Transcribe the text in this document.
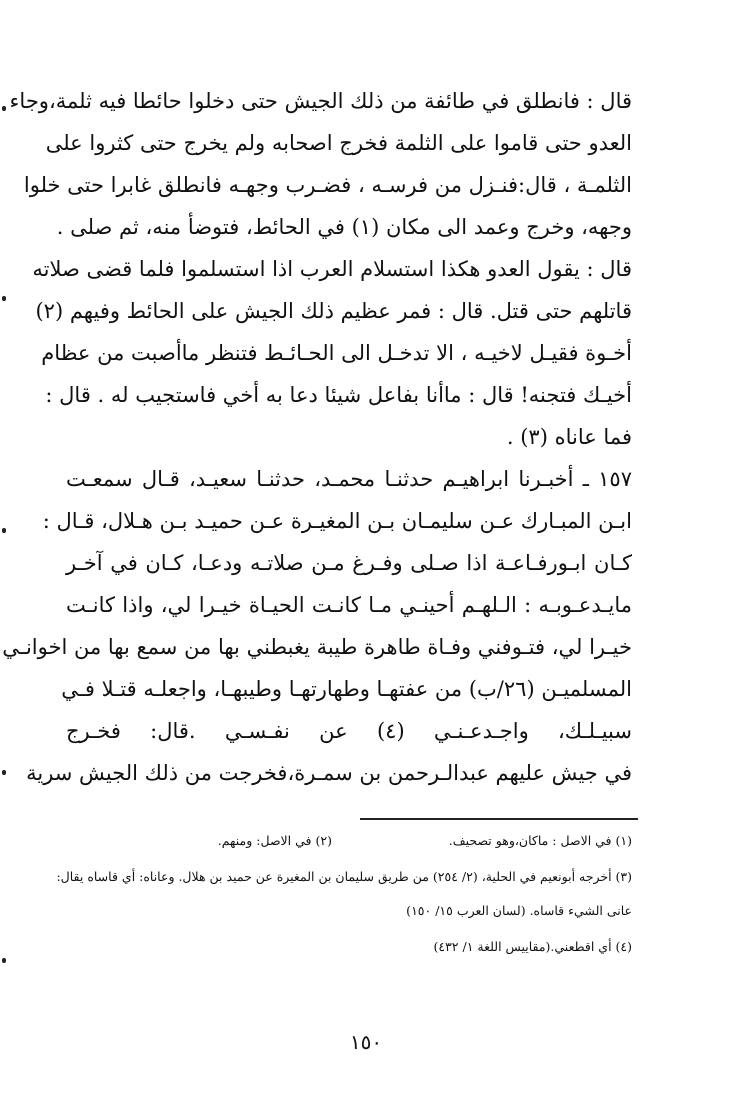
قال : فانطلق في طائفة من ذلك الجيش حتى دخلوا حائطا فيه ثلمة،وجاء
العدو حتى قاموا على الثلمة فخرج اصحابه ولم يخرج حتى كثروا على
الثلمـة ، قال:فنـزل من فرسـه ، فضـرب وجهـه فانطلق غابرا حتى خلوا
وجهه، وخرج وعمد الى مكان (١) في الحائط، فتوضأ منه، ثم صلى .
قال : يقول العدو هكذا استسلام العرب اذا استسلموا فلما قضى صلاته
قاتلهم حتى قتل. قال : فمر عظيم ذلك الجيش على الحائط وفيهم (٢)
أخـوة فقيـل لاخيـه ، الا تدخـل الى الحـائـط فتنظر ماأصبت من عظام
أخيـك فتجنه! قال : ماأنا بفاعل شيئا دعا به أخي فاستجيب له . قال :
فما عاناه (٣) .
١٥٧ ـ أخبـرنا ابراهيـم حدثنـا محمـد، حدثنـا سعيـد، قـال سمعـت
ابـن المبـارك عـن سليمـان بـن المغيـرة عـن حميـد بـن هـلال، قـال :
كـان ابـورفـاعـة اذا صـلى وفـرغ مـن صلاتـه ودعـا، كـان في آخـر
مايـدعـوبـه : الـلهـم أحينـي مـا كانـت الحيـاة خيـرا لي، واذا كانـت
خيـرا لي، فتـوفني وفـاة طاهرة طيبة يغبطني بها من سمع بها من اخوانـي
المسلميـن (٢٦/ب) من عفتهـا وطهارتهـا وطيبهـا، واجعلـه قتـلا فـي
سبيـلـك، واجـدعـنـي (٤) عن نفـسـي .قال: فخـرج
في جيش عليهم عبدالـرحمن بن سمـرة،فخرجت من ذلك الجيش سرية
(١) في الاصل : ماكان،وهو تصحيف.
(٢) في الاصل: ومنهم.
(٣) أخرجه أبونعيم في الحلية، (٢/ ٢٥٤) من طريق سليمان بن المغيرة عن حميد بن هلال. وعاناه: أي قاساه يقال:
عانى الشيء قاساه. (لسان العرب ١٥/ ١٥٠)
(٤) أي اقطعني.(مقاييس اللغة ١/ ٤٣٢)
١٥٠
